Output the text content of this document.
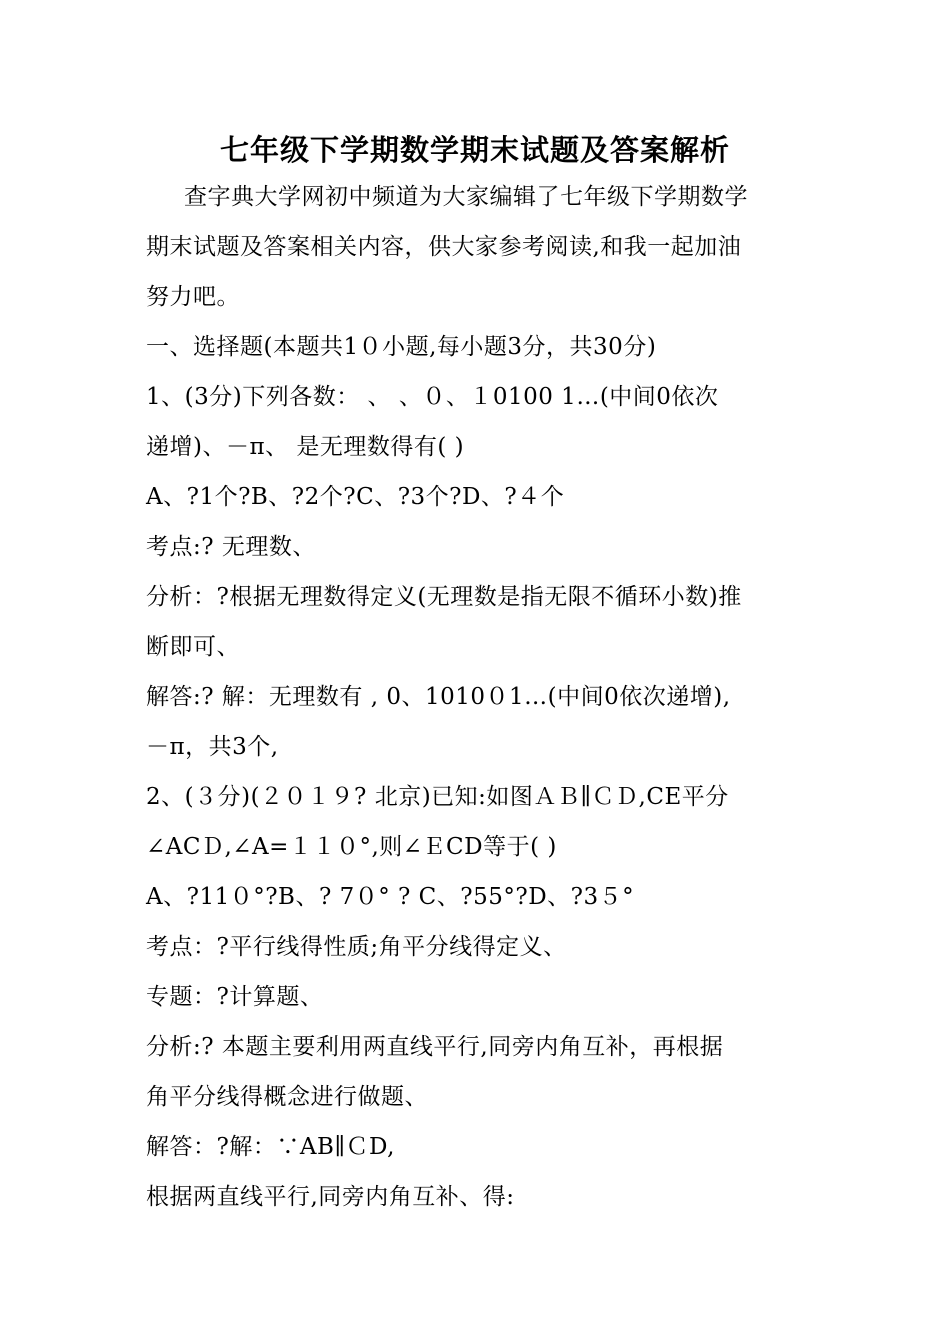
七年级下学期数学期末试题及答案解析
查字典大学网初中频道为大家编辑了七年级下学期数学
期末试题及答案相关内容，供大家参考阅读,和我一起加油
努力吧。
一、选择题(本题共1０小题,每小题3分，共30分)
1、(3分)下列各数： 、 、０、１0100 1…(中间0依次
递增)、－π、 是无理数得有( )
A、?1个?B、?2个?C、?3个?D、?４个
考点:? 无理数、
分析：?根据无理数得定义(无理数是指无限不循环小数)推
断即可、
解答:? 解：无理数有 , 0、1010０1…(中间0依次递增),
－π，共3个,
2、(３分)(２０１９? 北京)已知:如图ＡＢ∥ＣＤ,CE平分
∠ACＤ,∠A=１１０°,则∠ＥCD等于( )
A、?11０°?B、? 7０° ? C、?55°?D、?3５°
考点：?平行线得性质;角平分线得定义、
专题：?计算题、
分析:? 本题主要利用两直线平行,同旁内角互补，再根据
角平分线得概念进行做题、
解答：?解：∵AB∥ＣD,
根据两直线平行,同旁内角互补、得:
